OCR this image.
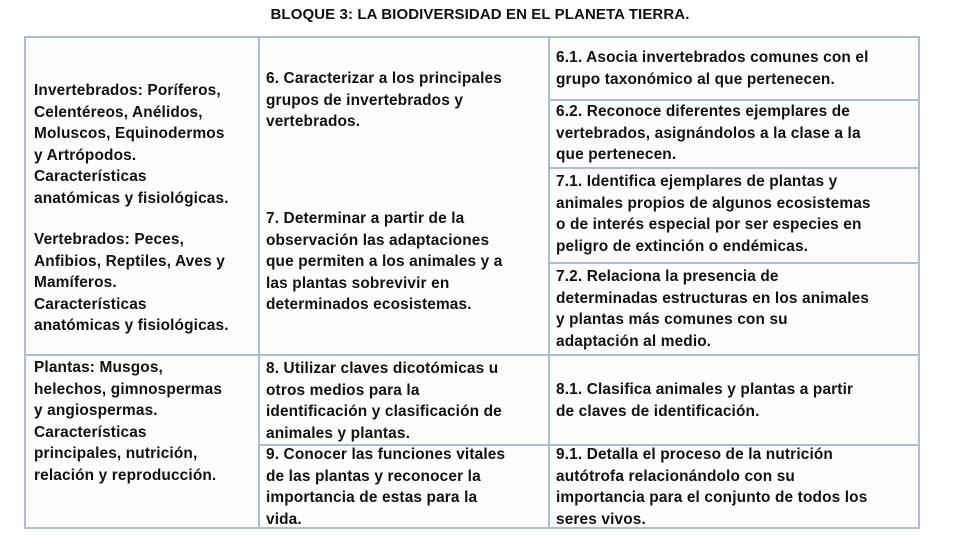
BLOQUE 3: LA BIODIVERSIDAD EN EL PLANETA TIERRA.
Invertebrados: Poríferos,
Celentéreos, Anélidos,
Moluscos, Equinodermos
y Artrópodos.
Características
anatómicas y fisiológicas.
Vertebrados: Peces,
Anfibios, Reptiles, Aves y
Mamíferos.
Características
anatómicas y fisiológicas.
Plantas: Musgos,
helechos, gimnospermas
y angiospermas.
Características
principales, nutrición,
relación y reproducción.
6. Caracterizar a los principales
grupos de invertebrados y
vertebrados.
7. Determinar a partir de la
observación las adaptaciones
que permiten a los animales y a
las plantas sobrevivir en
determinados ecosistemas.
8. Utilizar claves dicotómicas u
otros medios para la
identificación y clasificación de
animales y plantas.
9. Conocer las funciones vitales
de las plantas y reconocer la
importancia de estas para la
vida.
6.1. Asocia invertebrados comunes con el
grupo taxonómico al que pertenecen.
6.2. Reconoce diferentes ejemplares de
vertebrados, asignándolos a la clase a la
que pertenecen.
7.1. Identifica ejemplares de plantas y
animales propios de algunos ecosistemas
o de interés especial por ser especies en
peligro de extinción o endémicas.
7.2. Relaciona la presencia de
determinadas estructuras en los animales
y plantas más comunes con su
adaptación al medio.
8.1. Clasifica animales y plantas a partir
de claves de identificación.
9.1. Detalla el proceso de la nutrición
autótrofa relacionándolo con su
importancia para el conjunto de todos los
seres vivos.
